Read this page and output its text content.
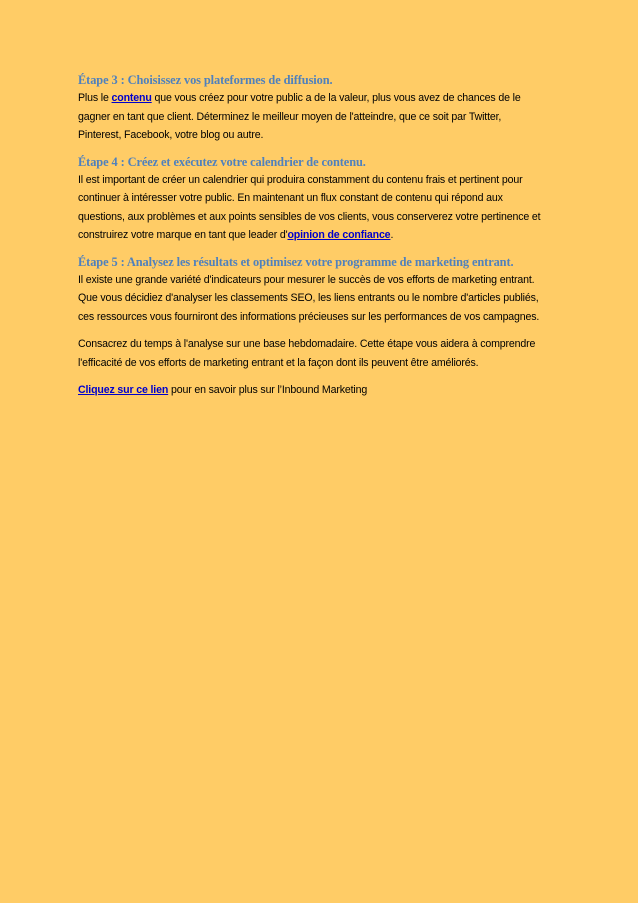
Étape 3 : Choisissez vos plateformes de diffusion.

Plus le contenu que vous créez pour votre public a de la valeur, plus vous avez de chances de le
gagner en tant que client. Déterminez le meilleur moyen de l'atteindre, que ce soit par Twitter,
Pinterest, Facebook, votre blog ou autre.

Étape 4 : Créez et exécutez votre calendrier de contenu.

Il est important de créer un calendrier qui produira constamment du contenu frais et pertinent pour
continuer à intéresser votre public. En maintenant un flux constant de contenu qui répond aux
questions, aux problèmes et aux points sensibles de vos clients, vous conserverez votre pertinence et
construirez votre marque en tant que leader d'opinion de confiance.

Étape 5 : Analysez les résultats et optimisez votre programme de marketing entrant.

Il existe une grande variété d'indicateurs pour mesurer le succès de vos efforts de marketing entrant.
Que vous décidiez d'analyser les classements SEO, les liens entrants ou le nombre d'articles publiés,
ces ressources vous fourniront des informations précieuses sur les performances de vos campagnes.

Consacrez du temps à l'analyse sur une base hebdomadaire. Cette étape vous aidera à comprendre
l'efficacité de vos efforts de marketing entrant et la façon dont ils peuvent être améliorés.

Cliquez sur ce lien pour en savoir plus sur l’Inbound Marketing
